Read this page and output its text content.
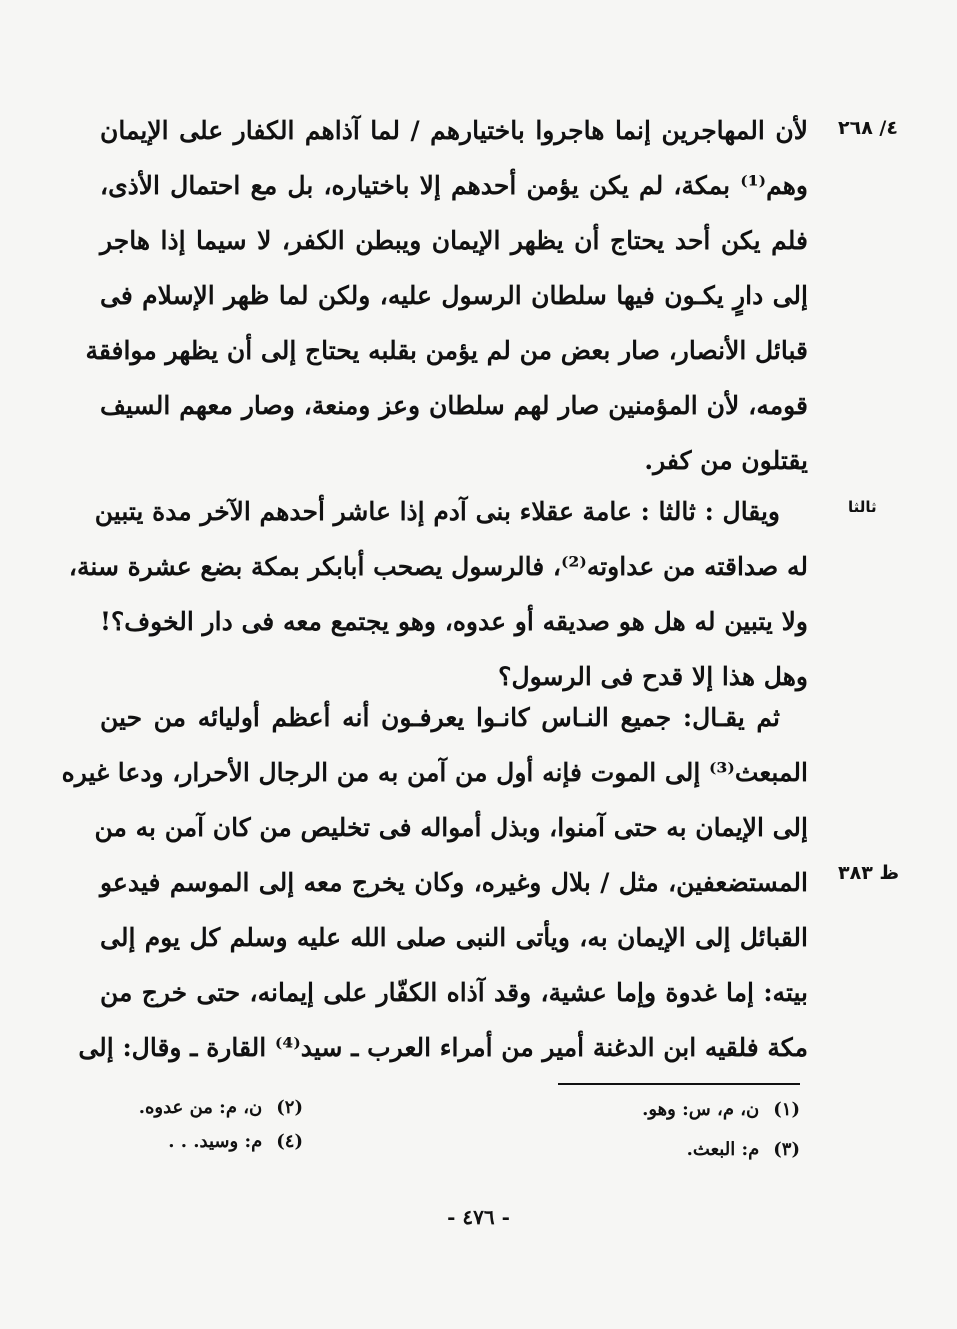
٤/ ٢٦٨
ثالثا
ظ ٣٨٣
لأن المهاجرين إنما هاجروا باختيارهم / لما آذاهم الكفار على الإيمان
وهم⁽¹⁾ بمكة، لم يكن يؤمن أحدهم إلا باختياره، بل مع احتمال الأذى،
فلم يكن أحد يحتاج أن يظهر الإيمان ويبطن الكفر، لا سيما إذا هاجر
إلى دارٍ يكـون فيها سلطان الرسول عليه، ولكن لما ظهر الإسلام فى
قبائل الأنصار، صار بعض من لم يؤمن بقلبه يحتاج إلى أن يظهر موافقة
قومه، لأن المؤمنين صار لهم سلطان وعز ومنعة، وصار معهم السيف
يقتلون من كفر.
ويقال : ثالثا : عامة عقلاء بنى آدم إذا عاشر أحدهم الآخر مدة يتبين
له صداقته من عداوته⁽²⁾، فالرسول يصحب أبابكر بمكة بضع عشرة سنة،
ولا يتبين له هل هو صديقه أو عدوه، وهو يجتمع معه فى دار الخوف؟!
وهل هذا إلا قدح فى الرسول؟
ثم يقـال: جميع النـاس كانـوا يعرفـون أنه أعظم أوليائه من حين
المبعث⁽³⁾ إلى الموت فإنه أول من آمن به من الرجال الأحرار، ودعا غيره
إلى الإيمان به حتى آمنوا، وبذل أمواله فى تخليص من كان آمن به من
المستضعفين، مثل / بلال وغيره، وكان يخرج معه إلى الموسم فيدعو
القبائل إلى الإيمان به، ويأتى النبى صلى الله عليه وسلم كل يوم إلى
بيته: إما غدوة وإما عشية، وقد آذاه الكفّار على إيمانه، حتى خرج من
مكة فلقيه ابن الدغنة أمير من أمراء العرب ـ سيد⁽⁴⁾ القارة ـ وقال: إلى
(١)ن، م، س: وهو.
(٢)ن، م: من عدوه.
(٣)م: البعث.
(٤)م: وسيد. . .
- ٤٧٦ -
